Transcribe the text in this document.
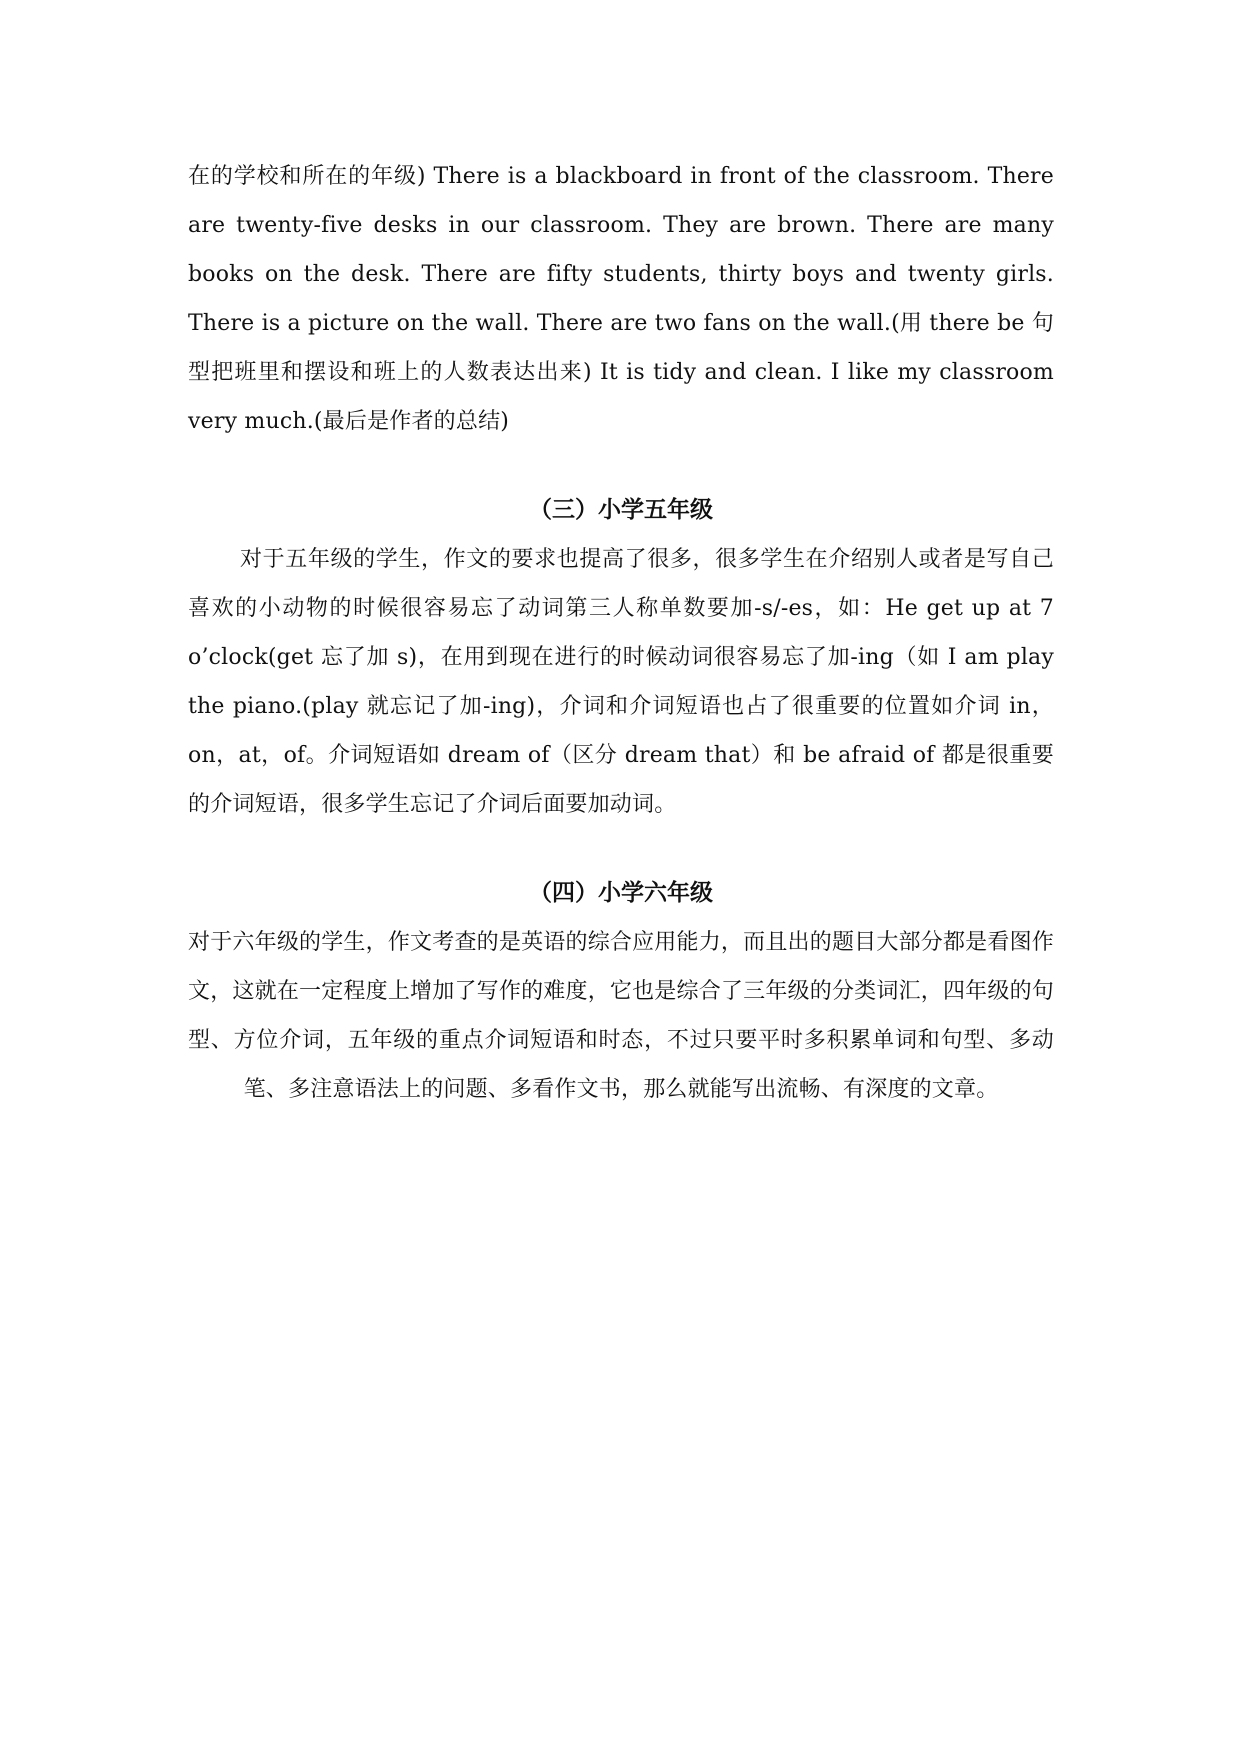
在的学校和所在的年级) There is a blackboard in front of the classroom. There are twenty-five desks in our classroom. They are brown. There are many books on the desk. There are fifty students, thirty boys and twenty girls. There is a picture on the wall. There are two fans on the wall.(用 there be 句型把班里和摆设和班上的人数表达出来) It is tidy and clean. I like my classroom very much.(最后是作者的总结)

（三）小学五年级

对于五年级的学生，作文的要求也提高了很多，很多学生在介绍别人或者是写自己喜欢的小动物的时候很容易忘了动词第三人称单数要加-s/-es，如：He get up at 7 o’clock(get 忘了加 s)，在用到现在进行的时候动词很容易忘了加-ing（如 I am play the piano.(play 就忘记了加-ing)，介词和介词短语也占了很重要的位置如介词 in，on，at，of。介词短语如 dream of（区分 dream that）和 be afraid of 都是很重要的介词短语，很多学生忘记了介词后面要加动词。

（四）小学六年级

对于六年级的学生，作文考查的是英语的综合应用能力，而且出的题目大部分都是看图作文，这就在一定程度上增加了写作的难度，它也是综合了三年级的分类词汇，四年级的句型、方位介词，五年级的重点介词短语和时态，不过只要平时多积累单词和句型、多动笔、多注意语法上的问题、多看作文书，那么就能写出流畅、有深度的文章。
